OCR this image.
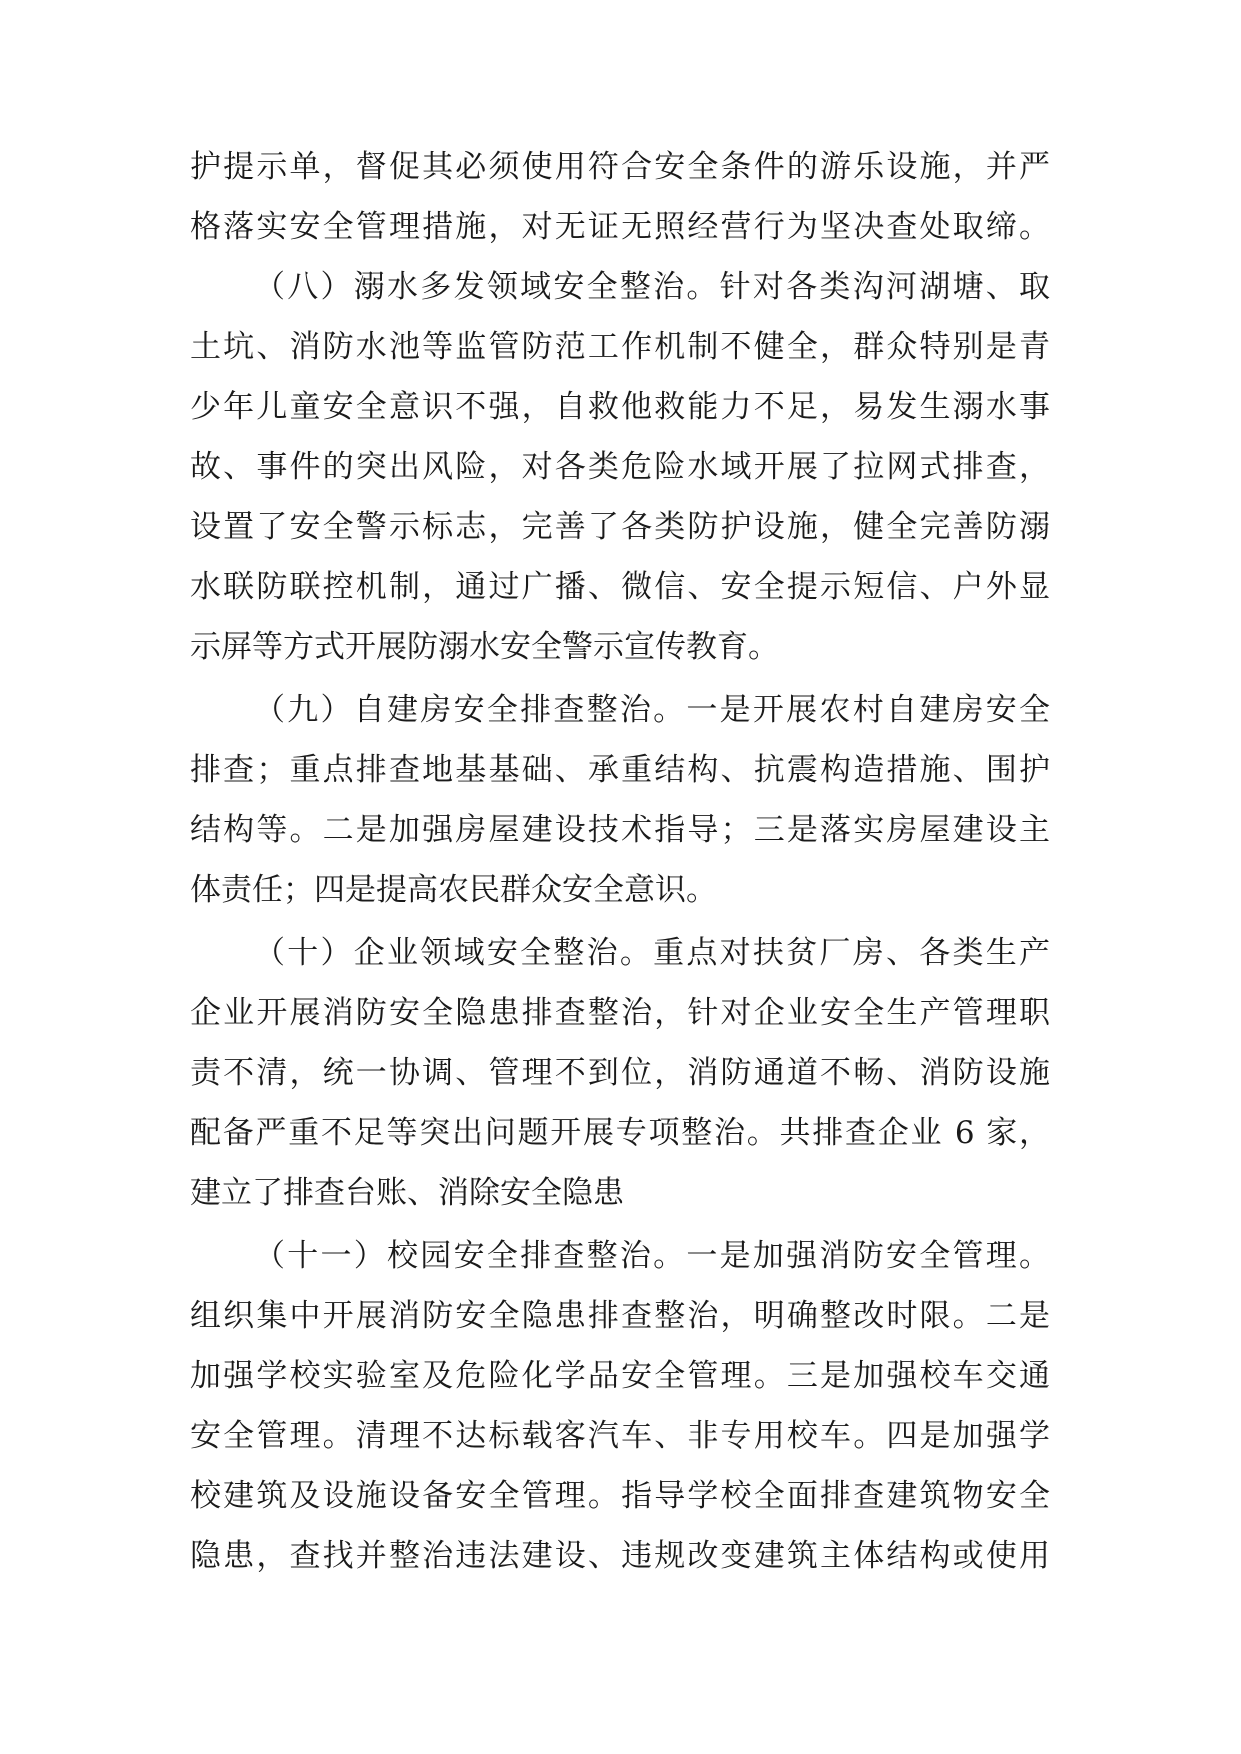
护提示单，督促其必须使用符合安全条件的游乐设施，并严
格落实安全管理措施，对无证无照经营行为坚决查处取缔。
（八）溺水多发领域安全整治。针对各类沟河湖塘、取
土坑、消防水池等监管防范工作机制不健全，群众特别是青
少年儿童安全意识不强，自救他救能力不足，易发生溺水事
故、事件的突出风险，对各类危险水域开展了拉网式排查，
设置了安全警示标志，完善了各类防护设施，健全完善防溺
水联防联控机制，通过广播、微信、安全提示短信、户外显
示屏等方式开展防溺水安全警示宣传教育。
（九）自建房安全排查整治。一是开展农村自建房安全
排查；重点排查地基基础、承重结构、抗震构造措施、围护
结构等。二是加强房屋建设技术指导；三是落实房屋建设主
体责任；四是提高农民群众安全意识。
（十）企业领域安全整治。重点对扶贫厂房、各类生产
企业开展消防安全隐患排查整治，针对企业安全生产管理职
责不清，统一协调、管理不到位，消防通道不畅、消防设施
配备严重不足等突出问题开展专项整治。共排查企业 6 家，
建立了排查台账、消除安全隐患
（十一）校园安全排查整治。一是加强消防安全管理。
组织集中开展消防安全隐患排查整治，明确整改时限。二是
加强学校实验室及危险化学品安全管理。三是加强校车交通
安全管理。清理不达标载客汽车、非专用校车。四是加强学
校建筑及设施设备安全管理。指导学校全面排查建筑物安全
隐患，查找并整治违法建设、违规改变建筑主体结构或使用
